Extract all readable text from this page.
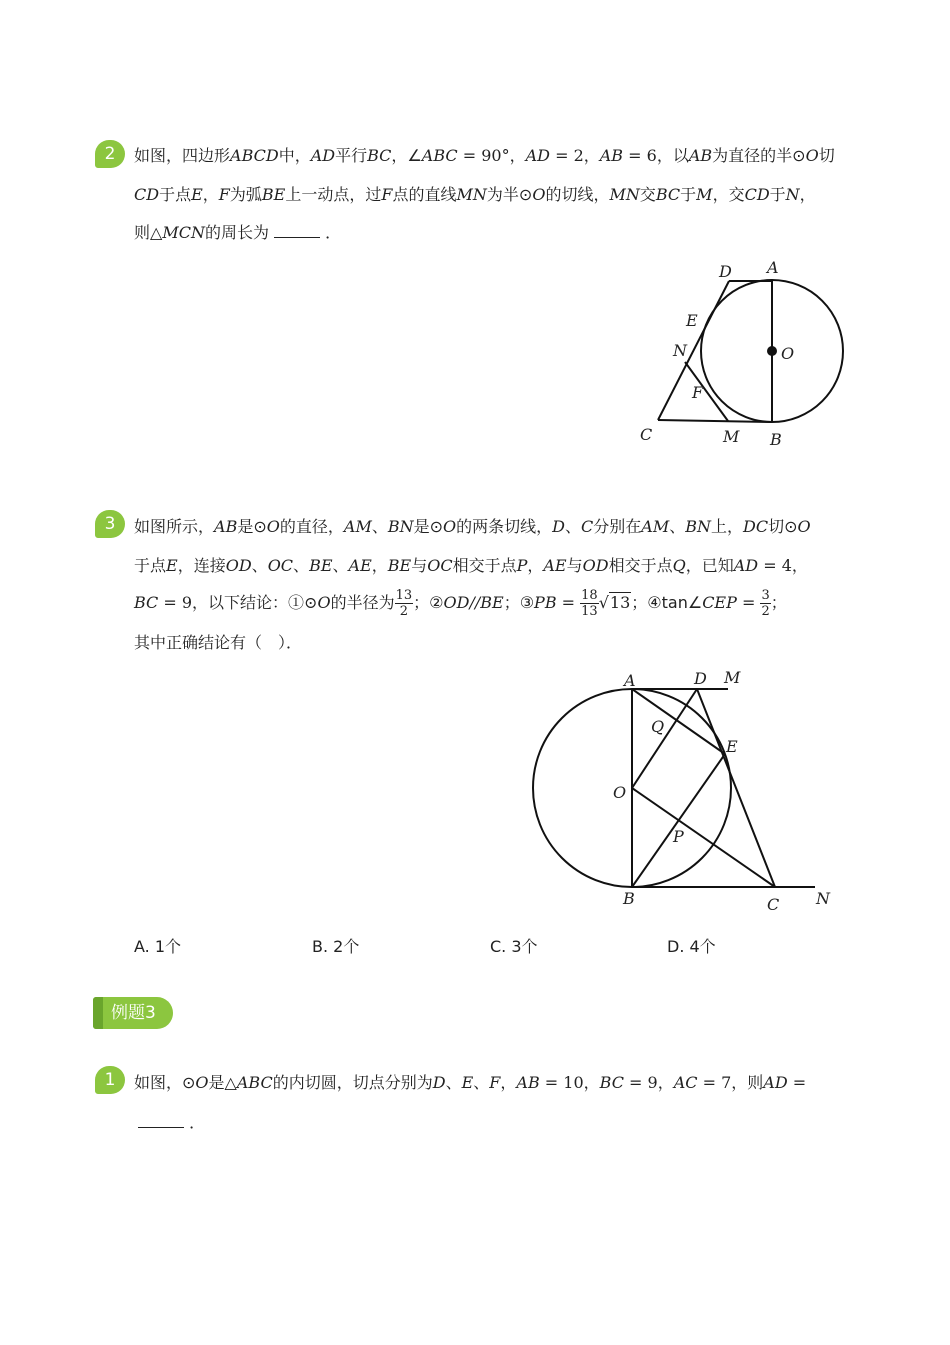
2	如图，四边形ABCD中，AD平行BC，∠ABC = 90°，AD = 2，AB = 6，以AB为直径的半⊙O切
CD于点E，F为弧BE上一动点，过F点的直线MN为半⊙O的切线，MN交BC于M，交CD于N，
则△MCN的周长为	．
A
D
E
N	O
F
C	M B
3	如图所示，AB是⊙O的直径，AM、BN是⊙O的两条切线，D、C分别在AM、BN上，DC切⊙O
于点E，连接OD、OC、BE、AE，BE与OC相交于点P，AE与OD相交于点Q，已知AD = 4，
BC = 9，以下结论：①⊙O的半径为 $\frac{13}{2}$ ；②OD//BE；③PB = $\frac{18}{13} √13$；④tan∠CEP = $\frac{3}{2}$ ；
其中正确结论有（　）．
A	D M
Q
E
O
P
B	C N
A. 1个	B. 2个	C. 3个	D. 4个
例题3
1	如图，⊙O是△ABC的内切圆，切点分别为D、E、F，AB = 10，BC = 9，AC = 7，则AD =
．
